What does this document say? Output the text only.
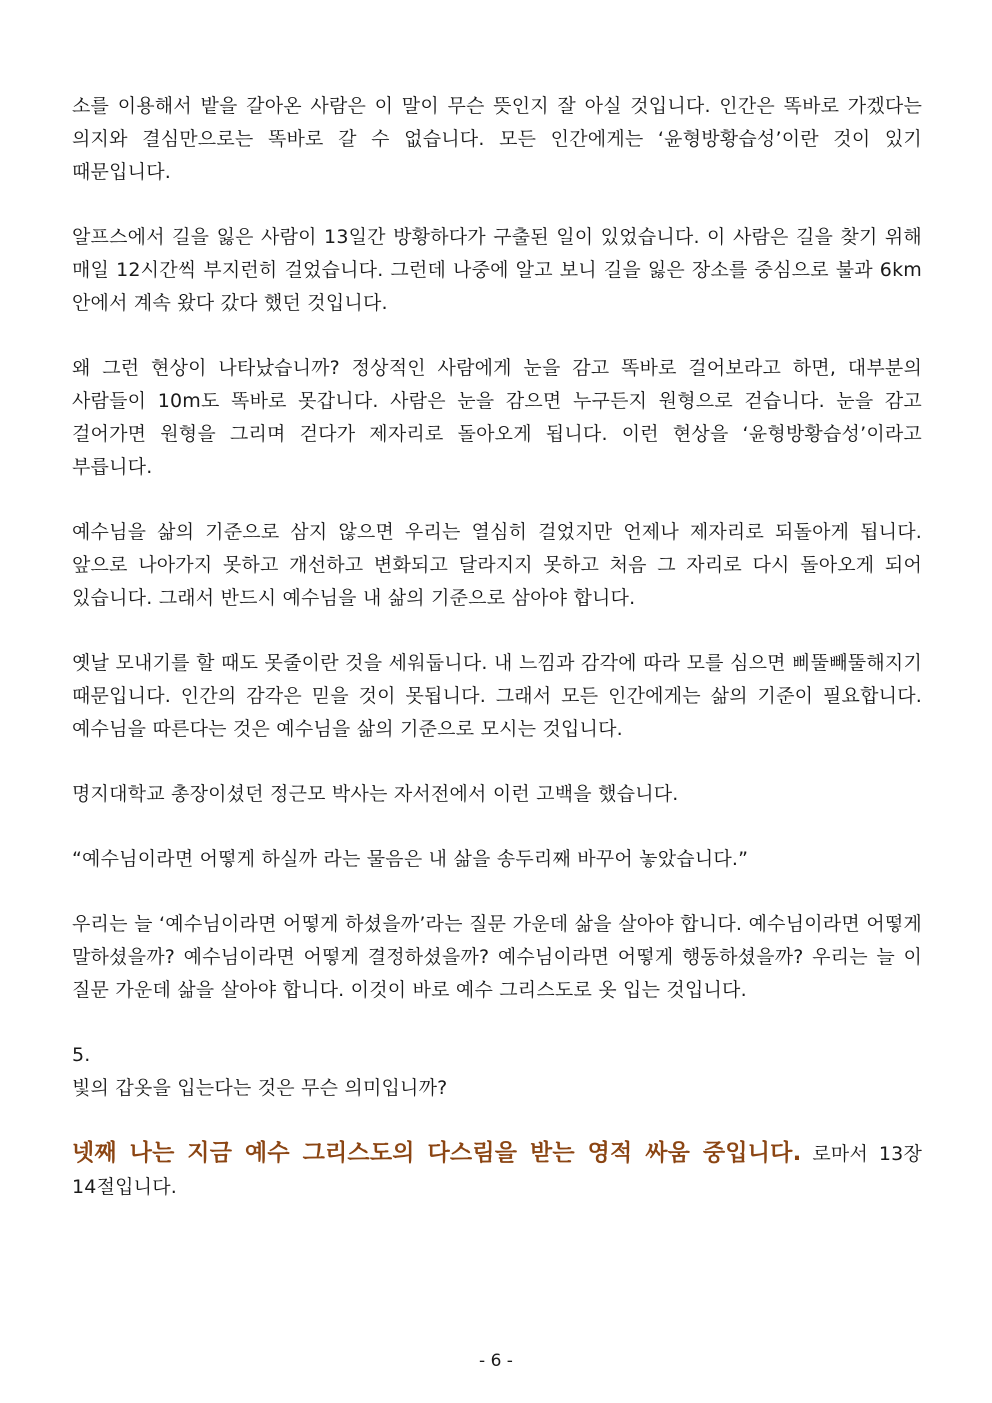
소를 이용해서 밭을 갈아온 사람은 이 말이 무슨 뜻인지 잘 아실 것입니다. 인간은 똑바로 가겠다는 의지와 결심만으로는 똑바로 갈 수 없습니다. 모든 인간에게는 ‘윤형방황습성’이란 것이 있기 때문입니다.

알프스에서 길을 잃은 사람이 13일간 방황하다가 구출된 일이 있었습니다. 이 사람은 길을 찾기 위해 매일 12시간씩 부지런히 걸었습니다. 그런데 나중에 알고 보니 길을 잃은 장소를 중심으로 불과 6km 안에서 계속 왔다 갔다 했던 것입니다.

왜 그런 현상이 나타났습니까? 정상적인 사람에게 눈을 감고 똑바로 걸어보라고 하면, 대부분의 사람들이 10m도 똑바로 못갑니다. 사람은 눈을 감으면 누구든지 원형으로 걷습니다. 눈을 감고 걸어가면 원형을 그리며 걷다가 제자리로 돌아오게 됩니다. 이런 현상을 ‘윤형방황습성’이라고 부릅니다.

예수님을 삶의 기준으로 삼지 않으면 우리는 열심히 걸었지만 언제나 제자리로 되돌아게 됩니다. 앞으로 나아가지 못하고 개선하고 변화되고 달라지지 못하고 처음 그 자리로 다시 돌아오게 되어 있습니다. 그래서 반드시 예수님을 내 삶의 기준으로 삼아야 합니다.

옛날 모내기를 할 때도 못줄이란 것을 세워둡니다. 내 느낌과 감각에 따라 모를 심으면 삐뚤빼뚤해지기 때문입니다. 인간의 감각은 믿을 것이 못됩니다. 그래서 모든 인간에게는 삶의 기준이 필요합니다. 예수님을 따른다는 것은 예수님을 삶의 기준으로 모시는 것입니다.

명지대학교 총장이셨던 정근모 박사는 자서전에서 이런 고백을 했습니다.

“예수님이라면 어떻게 하실까 라는 물음은 내 삶을 송두리째 바꾸어 놓았습니다.”

우리는 늘 ‘예수님이라면 어떻게 하셨을까’라는 질문 가운데 삶을 살아야 합니다. 예수님이라면 어떻게 말하셨을까? 예수님이라면 어떻게 결정하셨을까? 예수님이라면 어떻게 행동하셨을까? 우리는 늘 이 질문 가운데 삶을 살아야 합니다. 이것이 바로 예수 그리스도로 옷 입는 것입니다.

5.

빛의 갑옷을 입는다는 것은 무슨 의미입니까?

넷째 나는 지금 예수 그리스도의 다스림을 받는 영적 싸움 중입니다. 로마서 13장 14절입니다.

- 6 -
